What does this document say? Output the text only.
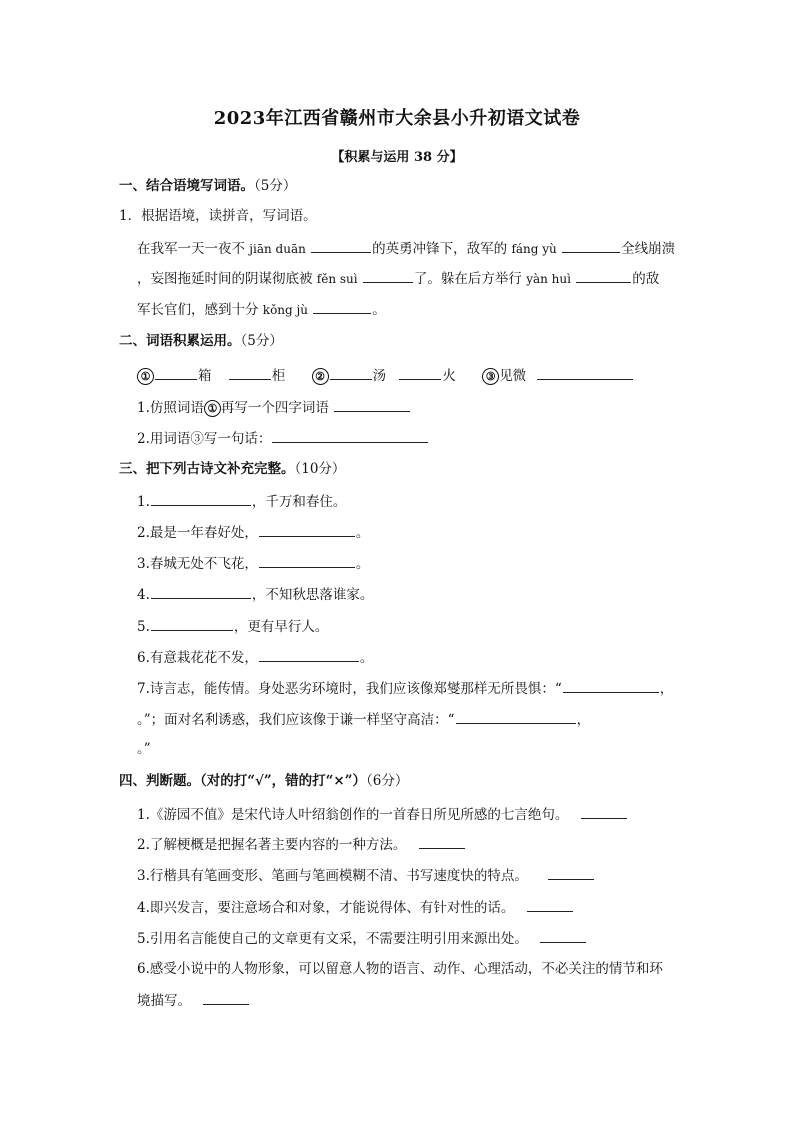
2023年江西省赣州市大余县小升初语文试卷
【积累与运用 38 分】
一、结合语境写词语。（5分）
1．根据语境，读拼音，写词语。
在我军一天一夜不 jiān duān	的英勇冲锋下，敌军的 fáng yù	全线崩溃
，妄图拖延时间的阴谋彻底被 fěn suì	了。躲在后方举行 yàn huì	的敌
军长官们，感到十分 kǒng jù	。
二、词语积累运用。（5分）
①	箱	柜	②	汤	火	③ 见微
1.仿照词语 ① 再写一个四字词语
2.用词语③写一句话：
三、把下列古诗文补充完整。（10分）
1.	，千万和春住。
2.最是一年春好处，	。
3.春城无处不飞花，	。
4.	，不知秋思落谁家。
5.	，更有早行人。
6.有意栽花花不发，	。
7.诗言志，能传情。身处恶劣环境时，我们应该像郑燮那样无所畏惧：“	，
。”；面对名利诱惑，我们应该像于谦一样坚守高洁：“	，
。”
四、判断题。（对的打“√”，错的打“×”）（6分）
1.《游园不值》是宋代诗人叶绍翁创作的一首春日所见所感的七言绝句。
2.了解梗概是把握名著主要内容的一种方法。
3.行楷具有笔画变形、笔画与笔画模糊不清、书写速度快的特点。
4.即兴发言，要注意场合和对象，才能说得体、有针对性的话。
5.引用名言能使自己的文章更有文采，不需要注明引用来源出处。
6.感受小说中的人物形象，可以留意人物的语言、动作、心理活动，不必关注的情节和环
境描写。
